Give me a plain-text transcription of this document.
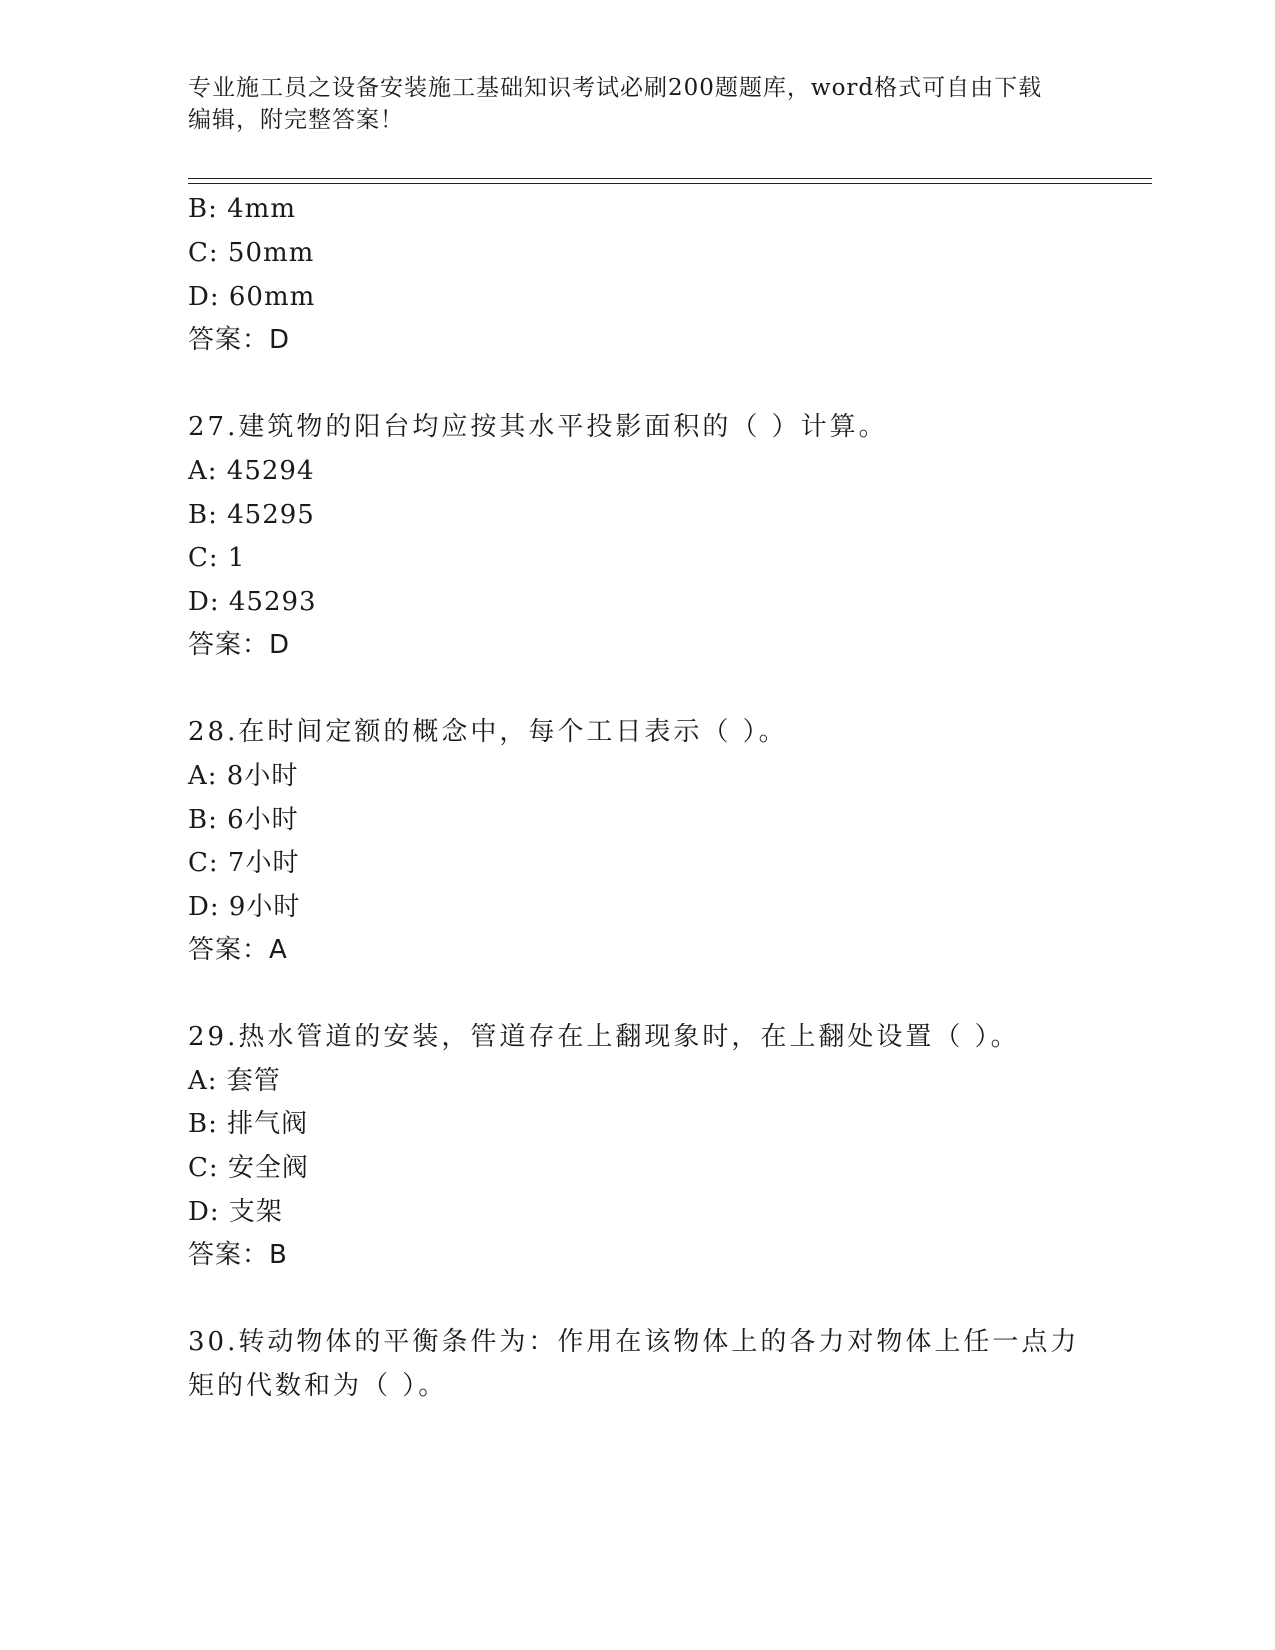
专业施工员之设备安装施工基础知识考试必刷200题题库，word格式可自由下载
编辑，附完整答案！
B: 4mm
C: 50mm
D: 60mm
答案：D
27.建筑物的阳台均应按其水平投影面积的（ ）计算。
A: 45294
B: 45295
C: 1
D: 45293
答案：D
28.在时间定额的概念中，每个工日表示（ ）。
A: 8小时
B: 6小时
C: 7小时
D: 9小时
答案：A
29.热水管道的安装，管道存在上翻现象时，在上翻处设置（ ）。
A: 套管
B: 排气阀
C: 安全阀
D: 支架
答案：B
30.转动物体的平衡条件为：作用在该物体上的各力对物体上任一点力
矩的代数和为（ ）。
